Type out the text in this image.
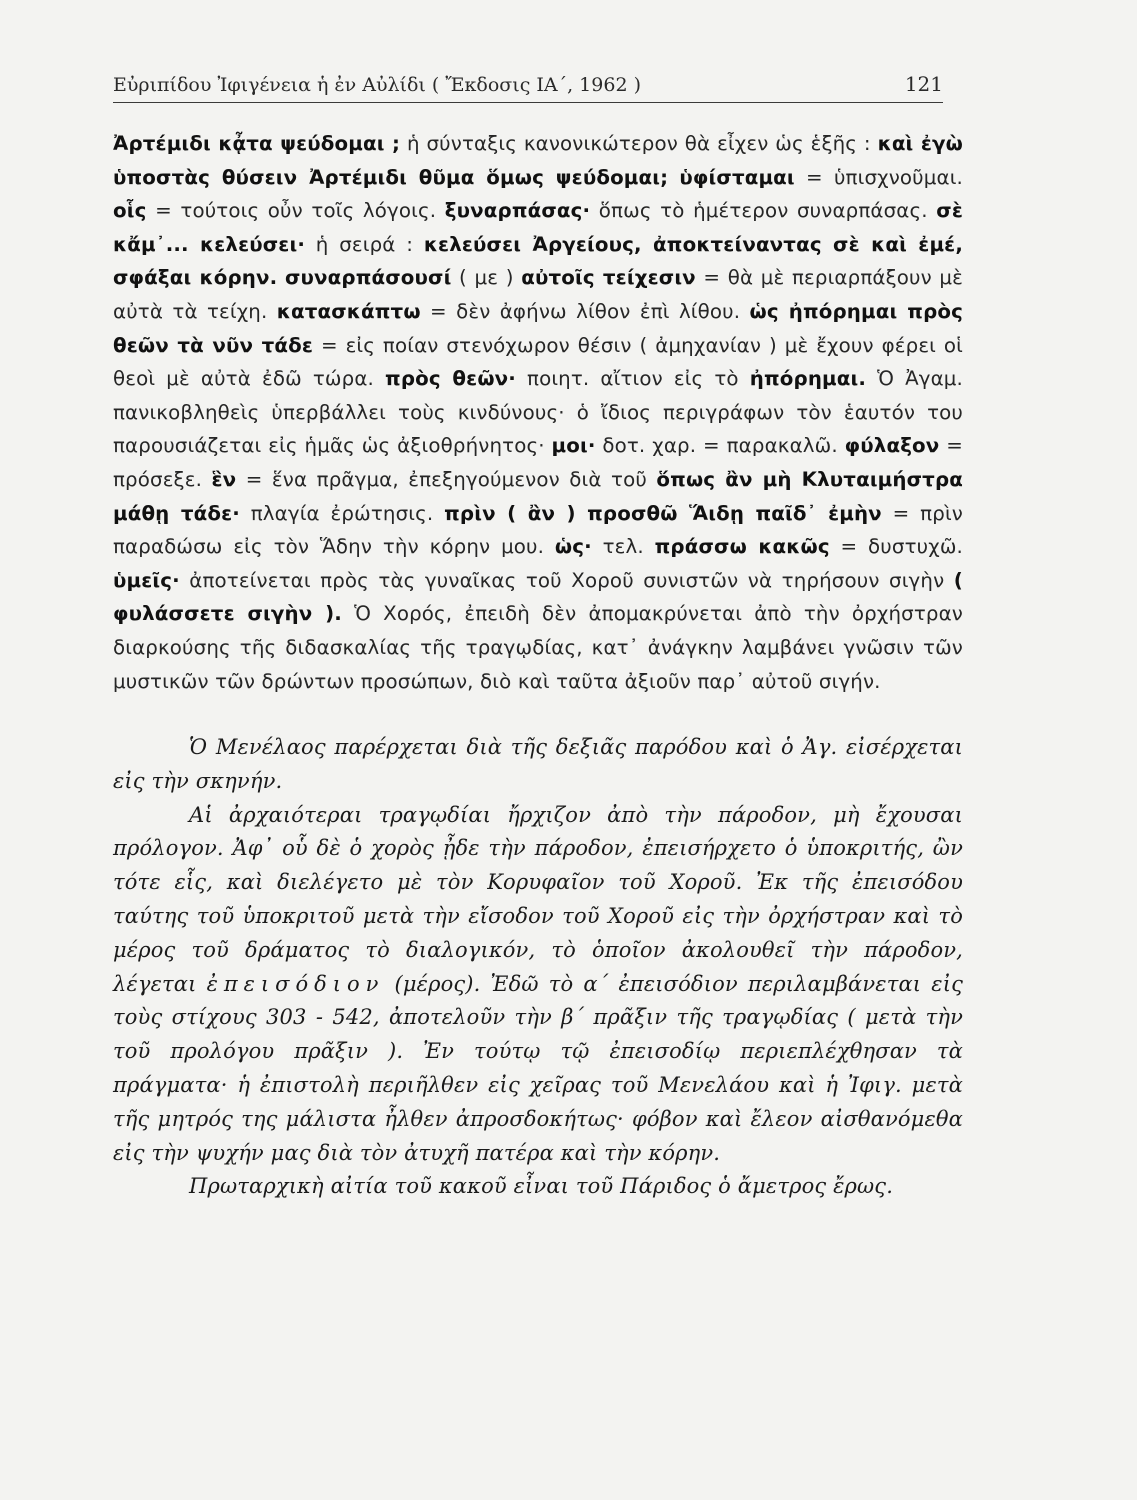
Εὐριπίδου Ἰφιγένεια ἡ ἐν Αὐλίδι ( Ἔκδοσις ΙΑ΄, 1962 )	121

Ἀρτέμιδι κᾆτα ψεύδομαι ; ἡ σύνταξις κανονικώτερον θὰ εἶχεν ὡς ἑξῆς : καὶ ἐγὼ ὑποστὰς θύσειν Ἀρτέμιδι θῦμα ὅμως ψεύδομαι; ὑφίσταμαι = ὑπισχνοῦμαι. οἷς = τούτοις οὖν τοῖς λόγοις. ξυναρπάσας· ὅπως τὸ ἡμέτερον συναρπάσας. σὲ κἄμ᾿... κελεύσει· ἡ σειρά : κελεύσει Ἀργείους, ἀποκτείναντας σὲ καὶ ἐμέ, σφάξαι κόρην. συναρπάσουσί ( με ) αὐτοῖς τείχεσιν = θὰ μὲ περιαρπάξουν μὲ αὐτὰ τὰ τείχη. κατασκάπτω = δὲν ἀφήνω λίθον ἐπὶ λίθου. ὡς ἠπόρημαι πρὸς θεῶν τὰ νῦν τάδε = εἰς ποίαν στενόχωρον θέσιν ( ἀμηχανίαν ) μὲ ἔχουν φέρει οἱ θεοὶ μὲ αὐτὰ ἐδῶ τώρα. πρὸς θεῶν· ποιητ. αἴτιον εἰς τὸ ἠπόρημαι. Ὁ Ἀγαμ. πανικοβληθεὶς ὑπερβάλλει τοὺς κινδύνους· ὁ ἴδιος περιγράφων τὸν ἑαυτόν του παρουσιάζεται εἰς ἡμᾶς ὡς ἀξιοθρήνητος· μοι· δοτ. χαρ. = παρακαλῶ. φύλαξον = πρόσεξε. ἓν = ἕνα πρᾶγμα, ἐπεξηγούμενον διὰ τοῦ ὅπως ἂν μὴ Κλυταιμήστρα μάθῃ τάδε· πλαγία ἐρώτησις. πρὶν ( ἂν ) προσθῶ Ἅιδῃ παῖδ᾿ ἐμὴν = πρὶν παραδώσω εἰς τὸν Ἅδην τὴν κόρην μου. ὡς· τελ. πράσσω κακῶς = δυστυχῶ. ὑμεῖς· ἀποτείνεται πρὸς τὰς γυναῖκας τοῦ Χοροῦ συνιστῶν νὰ τηρήσουν σιγὴν ( φυλάσσετε σιγὴν ). Ὁ Χορός, ἐπειδὴ δὲν ἀπομακρύνεται ἀπὸ τὴν ὀρχήστραν διαρκούσης τῆς διδασκαλίας τῆς τραγῳδίας, κατ᾿ ἀνάγκην λαμβάνει γνῶσιν τῶν μυστικῶν τῶν δρώντων προσώπων, διὸ καὶ ταῦτα ἀξιοῦν παρ᾿ αὐτοῦ σιγήν.

Ὁ Μενέλαος παρέρχεται διὰ τῆς δεξιᾶς παρόδου καὶ ὁ Ἀγ. εἰσέρχεται εἰς τὴν σκηνήν.

Αἱ ἀρχαιότεραι τραγῳδίαι ἤρχιζον ἀπὸ τὴν πάροδον, μὴ ἔχουσαι πρόλογον. Ἀφ᾿ οὗ δὲ ὁ χορὸς ᾖδε τὴν πάροδον, ἐπεισήρχετο ὁ ὑποκριτής, ὢν τότε εἷς, καὶ διελέγετο μὲ τὸν Κορυφαῖον τοῦ Χοροῦ. Ἐκ τῆς ἐπεισόδου ταύτης τοῦ ὑποκριτοῦ μετὰ τὴν εἴσοδον τοῦ Χοροῦ εἰς τὴν ὀρχήστραν καὶ τὸ μέρος τοῦ δράματος τὸ διαλογικόν, τὸ ὁποῖον ἀκολουθεῖ τὴν πάροδον, λέγεται ἐπεισόδιον (μέρος). Ἐδῶ τὸ α΄ ἐπεισόδιον περιλαμβάνεται εἰς τοὺς στίχους 303 - 542, ἀποτελοῦν τὴν β΄ πρᾶξιν τῆς τραγῳδίας ( μετὰ τὴν τοῦ προλόγου πρᾶξιν ). Ἐν τούτῳ τῷ ἐπεισοδίῳ περιεπλέχθησαν τὰ πράγματα· ἡ ἐπιστολὴ περιῆλθεν εἰς χεῖρας τοῦ Μενελάου καὶ ἡ Ἰφιγ. μετὰ τῆς μητρός της μάλιστα ἦλθεν ἀπροσδοκήτως· φόβον καὶ ἔλεον αἰσθανόμεθα εἰς τὴν ψυχήν μας διὰ τὸν ἀτυχῆ πατέρα καὶ τὴν κόρην.

Πρωταρχικὴ αἰτία τοῦ κακοῦ εἶναι τοῦ Πάριδος ὁ ἄμετρος ἔρως.
